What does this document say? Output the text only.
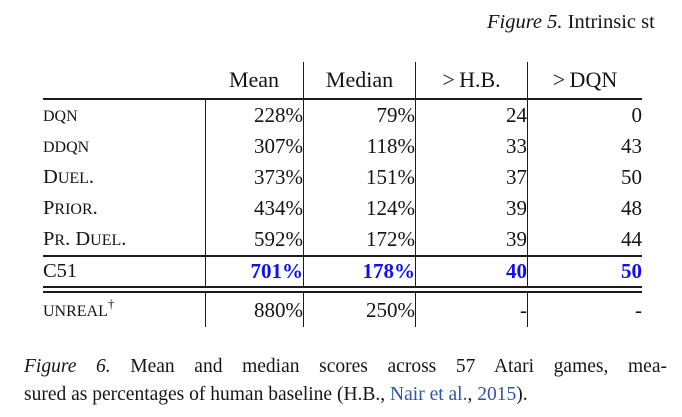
Figure 5. Intrinsic st
	Mean	Median	> H.B.	> DQN
DQN	228%	79%	24	0
DDQN	307%	118%	33	43
DUEL.	373%	151%	37	50
PRIOR.	434%	124%	39	48
PR. DUEL.	592%	172%	39	44
C51	701%	178%	40	50

UNREAL†	880%	250%	-	-
Figure 6. Mean and median scores across 57 Atari games, mea-
sured as percentages of human baseline (H.B., Nair et al., 2015).
